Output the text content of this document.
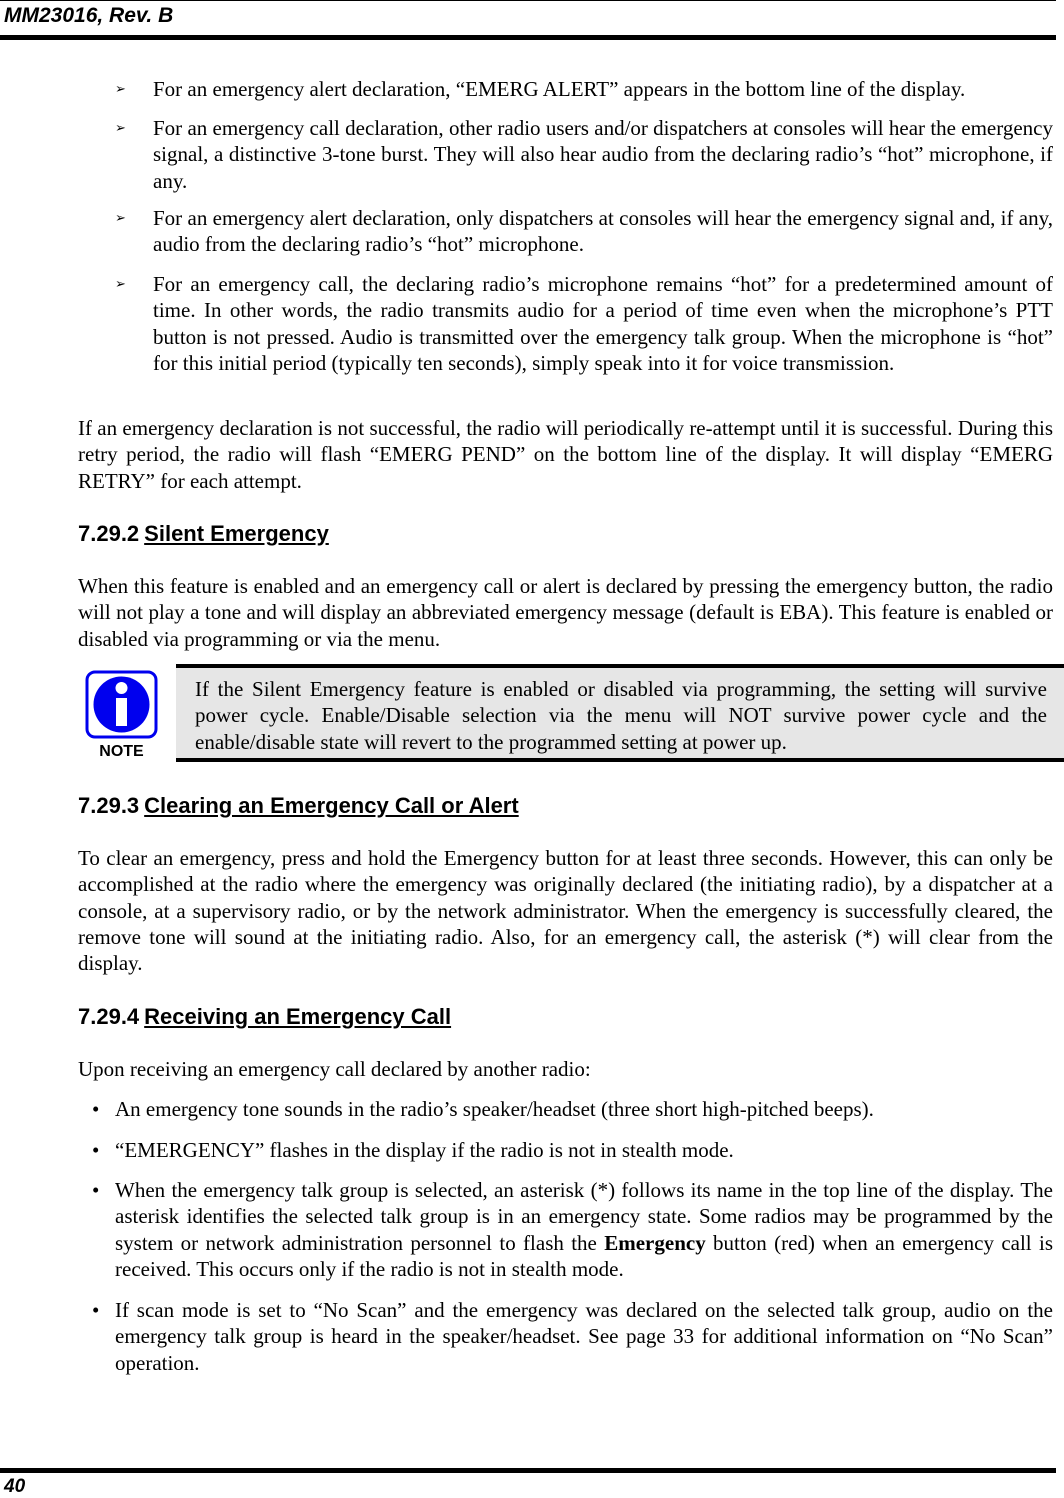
MM23016, Rev. B
➢ For an emergency alert declaration, “EMERG ALERT” appears in the bottom line of the display.
➢ For an emergency call declaration, other radio users and/or dispatchers at consoles will hear the emergency signal, a distinctive 3-tone burst. They will also hear audio from the declaring radio’s “hot” microphone, if any.
➢ For an emergency alert declaration, only dispatchers at consoles will hear the emergency signal and, if any, audio from the declaring radio’s “hot” microphone.
➢ For an emergency call, the declaring radio’s microphone remains “hot” for a predetermined amount of time. In other words, the radio transmits audio for a period of time even when the microphone’s PTT button is not pressed. Audio is transmitted over the emergency talk group. When the microphone is “hot” for this initial period (typically ten seconds), simply speak into it for voice transmission.
If an emergency declaration is not successful, the radio will periodically re-attempt until it is successful. During this retry period, the radio will flash “EMERG PEND” on the bottom line of the display. It will display “EMERG RETRY” for each attempt.
7.29.2 Silent Emergency
When this feature is enabled and an emergency call or alert is declared by pressing the emergency button, the radio will not play a tone and will display an abbreviated emergency message (default is EBA). This feature is enabled or disabled via programming or via the menu.
NOTE
If the Silent Emergency feature is enabled or disabled via programming, the setting will survive power cycle. Enable/Disable selection via the menu will NOT survive power cycle and the enable/disable state will revert to the programmed setting at power up.
7.29.3 Clearing an Emergency Call or Alert
To clear an emergency, press and hold the Emergency button for at least three seconds. However, this can only be accomplished at the radio where the emergency was originally declared (the initiating radio), by a dispatcher at a console, at a supervisory radio, or by the network administrator. When the emergency is successfully cleared, the remove tone will sound at the initiating radio. Also, for an emergency call, the asterisk (*) will clear from the display.
7.29.4 Receiving an Emergency Call
Upon receiving an emergency call declared by another radio:
• An emergency tone sounds in the radio’s speaker/headset (three short high-pitched beeps).
• “EMERGENCY” flashes in the display if the radio is not in stealth mode.
• When the emergency talk group is selected, an asterisk (*) follows its name in the top line of the display. The asterisk identifies the selected talk group is in an emergency state. Some radios may be programmed by the system or network administration personnel to flash the Emergency button (red) when an emergency call is received. This occurs only if the radio is not in stealth mode.
• If scan mode is set to “No Scan” and the emergency was declared on the selected talk group, audio on the emergency talk group is heard in the speaker/headset. See page 33 for additional information on “No Scan” operation.
40
